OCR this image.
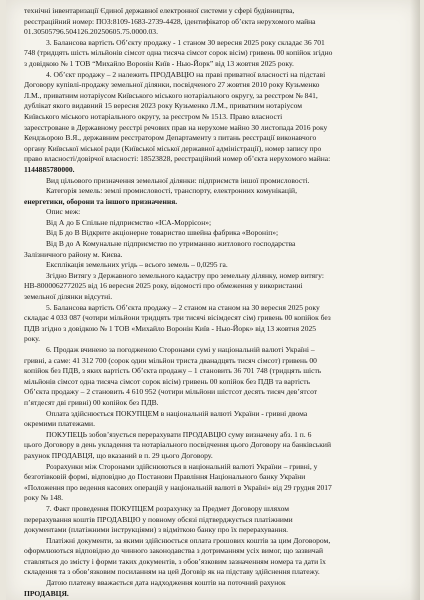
технічні інвентаризації Єдиної державної електронної системи у сфері будівництва,

реєстраційний номер: ПОЗ:8109-1683-2739-4428, ідентифікатор об’єкта нерухомого майна

01.30505796.504126.20250605.75.0000.03.

3. Балансова вартість Об’єкту продажу - 1 станом 30 вересня 2025 року складає 36 701

748 (тридцять шість мільйонів сімсот одна тисяча сімсот сорок вісім) гривень 00 копійок згідно

з довідкою № 1 ТОВ “Михайло Воронін Київ - Нью-Йорк” від 13 жовтня 2025 року.

4. Об’єкт продажу – 2 належить ПРОДАВЦЮ на праві приватної власності на підставі

Договору купівлі-продажу земельної ділянки, посвідченого 27 жовтня 2010 року Кузьменко

Л.М., приватним нотаріусом Київського міського нотаріального округу, за реєстром № 841,

дублікат якого видавний 15 вересня 2023 року Кузьменко Л.М., приватним нотаріусом

Київського міського нотаріального округу, за реєстром № 1513. Право власності

зареєстроване в Державному реєстрі речових прав на нерухоме майно 30 листопада 2016 року

Кендзьорою В.Я., державним реєстратором Департаменту з питань реєстрації виконавчого

органу Київської міської ради (Київської міської державної адміністрації), номер запису про

право власності/довірчої власності: 18523828, реєстраційний номер об’єкта нерухомого майна:

1144885780000.

Вид цільового призначення земельної ділянки: підприємств іншої промисловості.

Категорія земель: землі промисловості, транспорту, електронних комунікацій,

енергетики, оборони та іншого призначення.

Опис меж:

Від А до Б Спільне підприємство «ІСА-Моррісон»;

Від Б до В Відкрите акціонерне товариство швейна фабрика «Вороніп»;

Від В до А Комунальне підприємство по утриманню житлового господарства

Залізничного району м. Києва.

Експлікація земельних угідь – всього земель – 0,0295 га.

Згідно Витягу з Державного земельного кадастру про земельну ділянку, номер витягу:

НВ-8000062772025 від 16 вересня 2025 року, відомості про обмеження у використанні

земельної ділянки відсутні.

5. Балансова вартість Об’єкта продажу – 2 станом на станом на 30 вересня 2025 року

складає 4 033 087 (чотири мільйони тридцять три тисячі вісімдесят сім) гривень 00 копійок без

ПДВ згідно з довідкою № 1 ТОВ «Михайло Воронін Київ - Нью-Йорк» від 13 жовтня 2025

року.

6. Продаж вчинено за погодженою Сторонами сумі у національній валюті Україні –

гривні, а саме: 41 312 700 (сорок один мільйон триста дванадцять тисяч сімсот) гривень 00

копійок без ПДВ, з яких вартість Об’єкта продажу – 1 становить 36 701 748 (тридцять шість

мільйонів сімсот одна тисяча сімсот сорок вісім) гривень 00 копійок без ПДВ та вартість

Об’єкта продажу – 2 становить 4 610 952 (чотири мільйони шістсот десять тисяч дев’ятсот

п’ятдесят дві гривні) 00 копійок без ПДВ.

Оплата здійснюється ПОКУПЦЕМ в національній валюті України - гривні двома

окремими платежами.

ПОКУПЕЦЬ зобов’язується перерахувати ПРОДАВЦЮ суму визначену абз. 1 п. 6

цього Договору в день укладення та нотаріального посвідчення цього Договору на банківський

рахунок ПРОДАВЦЯ, що вказаний в п. 29 цього Договору.

Розрахунки між Сторонами здійснюються в національній валюті України – гривні, у

безготівковій формі, відповідно до Постанови Правління Національного банку України

«Положення про ведення касових операцій у національній валюті в Україні» від 29 грудня 2017

року № 148.

7. Факт проведення ПОКУПЦЕМ розрахунку за Предмет Договору шляхом

перерахування коштів ПРОДАВЦЮ у повному обсязі підтверджується платіжними

документами (платіжними інструкціями) з відміткою банку про їх перерахування.

Платіжні документи, за якими здійснюється оплата грошових коштів за цим Договором,

оформлюються відповідно до чинного законодавства з дотриманням усіх вимог, що зазвичай

ставляться до змісту і форми таких документів, з обов’язковим зазначенням номера та дати їх

складення та з обов’язковим посиланням на цей Договір як на підставу здійснення платежу.

Датою платежу вважається дата надходження коштів на поточний рахунок

ПРОДАВЦЯ.
